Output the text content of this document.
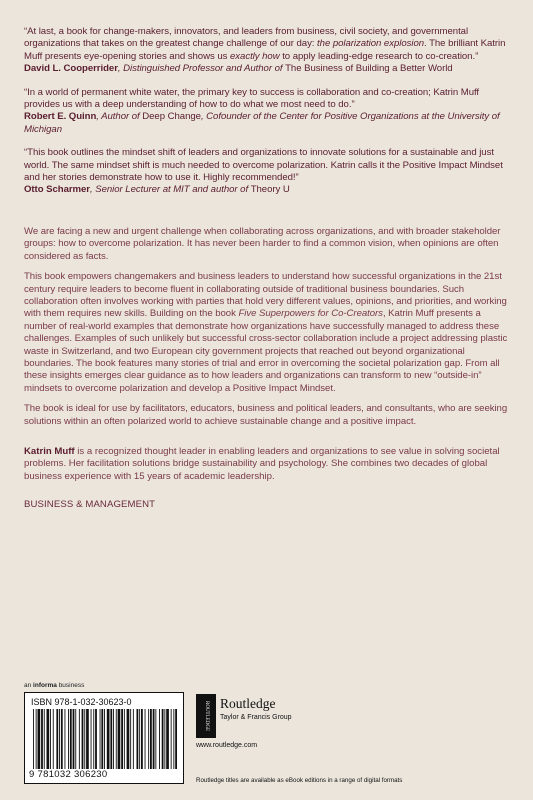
“At last, a book for change-makers, innovators, and leaders from business, civil society, and governmental organizations that takes on the greatest change challenge of our day: the polarization explosion. The brilliant Katrin Muff presents eye-opening stories and shows us exactly how to apply leading-edge research to co-creation.”
David L. Cooperrider, Distinguished Professor and Author of The Business of Building a Better World
“In a world of permanent white water, the primary key to success is collaboration and co-creation; Katrin Muff provides us with a deep understanding of how to do what we most need to do.”
Robert E. Quinn, Author of Deep Change, Cofounder of the Center for Positive Organizations at the University of Michigan
“This book outlines the mindset shift of leaders and organizations to innovate solutions for a sustainable and just world. The same mindset shift is much needed to overcome polarization. Katrin calls it the Positive Impact Mindset and her stories demonstrate how to use it. Highly recommended!”
Otto Scharmer, Senior Lecturer at MIT and author of Theory U

We are facing a new and urgent challenge when collaborating across organizations, and with broader stakeholder groups: how to overcome polarization. It has never been harder to find a common vision, when opinions are often considered as facts.

This book empowers changemakers and business leaders to understand how successful organizations in the 21st century require leaders to become fluent in collaborating outside of traditional business boundaries. Such collaboration often involves working with parties that hold very different values, opinions, and priorities, and working with them requires new skills. Building on the book Five Superpowers for Co-Creators, Katrin Muff presents a number of real-world examples that demonstrate how organizations have successfully managed to address these challenges. Examples of such unlikely but successful cross-sector collaboration include a project addressing plastic waste in Switzerland, and two European city government projects that reached out beyond organizational boundaries. The book features many stories of trial and error in overcoming the societal polarization gap. From all these insights emerges clear guidance as to how leaders and organizations can transform to new “outside-in” mindsets to overcome polarization and develop a Positive Impact Mindset.

The book is ideal for use by facilitators, educators, business and political leaders, and consultants, who are seeking solutions within an often polarized world to achieve sustainable change and a positive impact.

Katrin Muff is a recognized thought leader in enabling leaders and organizations to see value in solving societal problems. Her facilitation solutions bridge sustainability and psychology. She combines two decades of global business experience with 15 years of academic leadership.
BUSINESS & MANAGEMENT
an informa business
ISBN 978-1-032-30623-0
9 781032 306230
ROUTLEDGE Routledge
Taylor & Francis Group
www.routledge.com
Routledge titles are available as eBook editions in a range of digital formats
